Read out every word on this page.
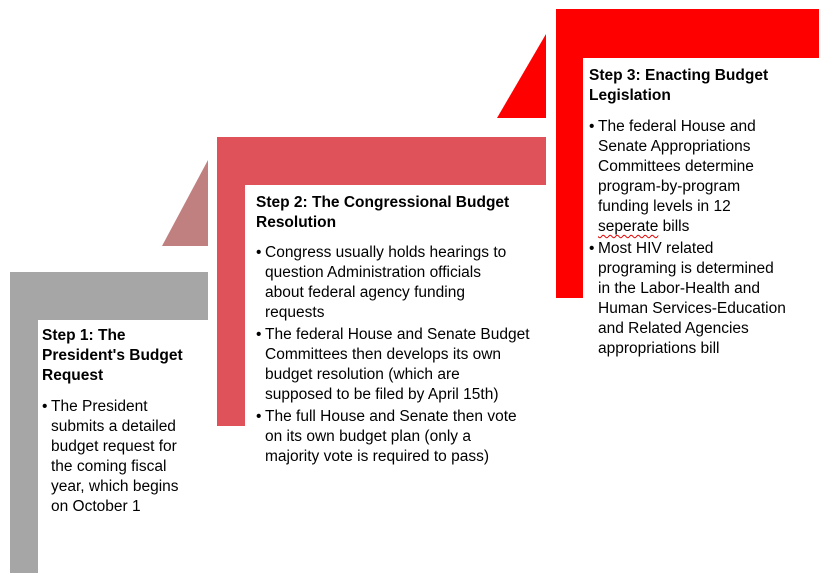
Step 1: The
President's Budget
Request

• The President
submits a detailed
budget request for
the coming fiscal
year, which begins
on October 1

Step 2: The Congressional Budget
Resolution

• Congress usually holds hearings to
question Administration officials
about federal agency funding
requests
• The federal House and Senate Budget
Committees then develops its own
budget resolution (which are
supposed to be filed by April 15th)
• The full House and Senate then vote
on its own budget plan (only a
majority vote is required to pass)

Step 3: Enacting Budget
Legislation

• The federal House and
Senate Appropriations
Committees determine
program-by-program
funding levels in 12
seperate bills
• Most HIV related
programing is determined
in the Labor-Health and
Human Services-Education
and Related Agencies
appropriations bill
